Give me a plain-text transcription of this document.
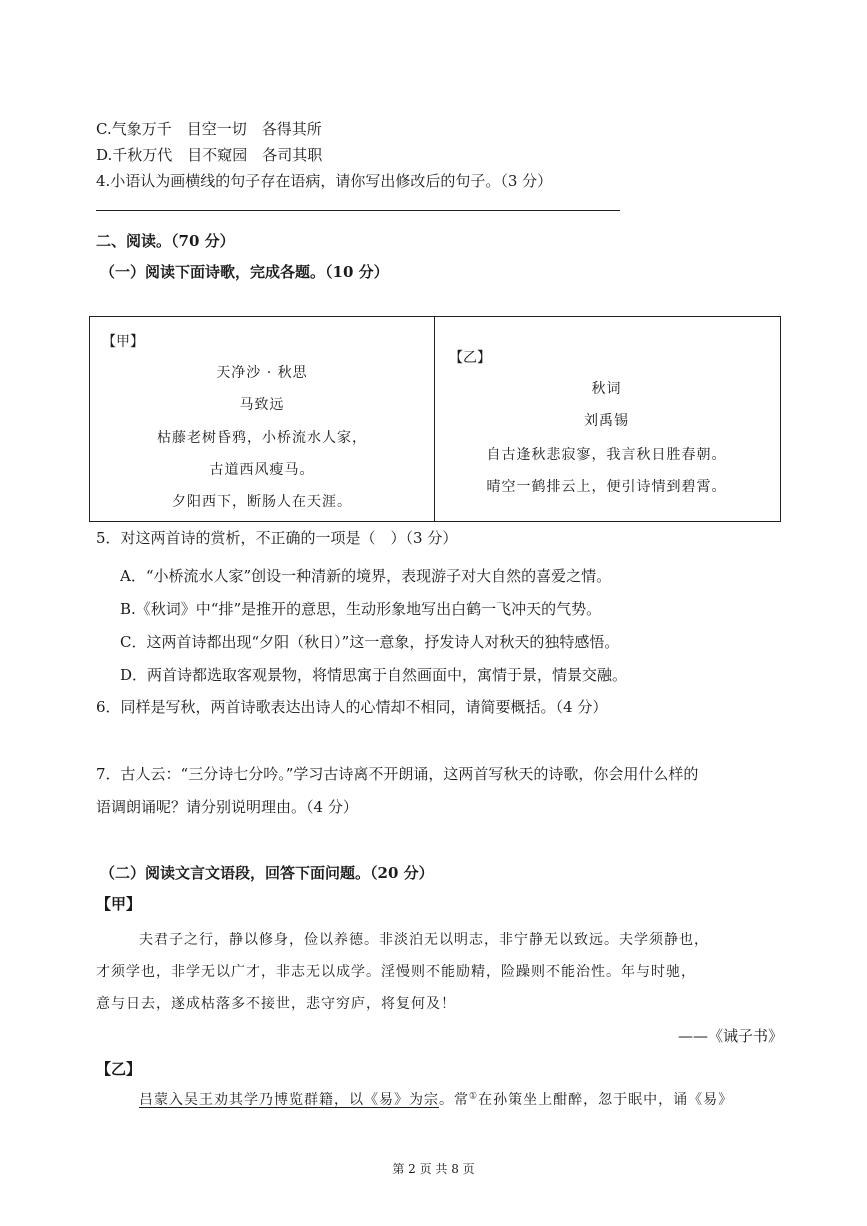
C.气象万千　目空一切　各得其所
D.千秋万代　目不窥园　各司其职
4.小语认为画横线的句子存在语病，请你写出修改后的句子。（3 分）
二、阅读。（70 分）
（一）阅读下面诗歌，完成各题。（10 分）
【甲】
天净沙 · 秋思
马致远
枯藤老树昏鸦，小桥流水人家，
古道西风瘦马。
夕阳西下，断肠人在天涯。
【乙】
秋词
刘禹锡
自古逢秋悲寂寥，我言秋日胜春朝。
晴空一鹤排云上，便引诗情到碧霄。
5．对这两首诗的赏析，不正确的一项是（　）（3 分）
A．“小桥流水人家”创设一种清新的境界，表现游子对大自然的喜爱之情。
B.《秋词》中“排”是推开的意思，生动形象地写出白鹤一飞冲天的气势。
C．这两首诗都出现“夕阳（秋日）”这一意象，抒发诗人对秋天的独特感悟。
D．两首诗都选取客观景物，将情思寓于自然画面中，寓情于景，情景交融。
6．同样是写秋，两首诗歌表达出诗人的心情却不相同，请简要概括。（4 分）
7．古人云：“三分诗七分吟。”学习古诗离不开朗诵，这两首写秋天的诗歌，你会用什么样的
语调朗诵呢？请分别说明理由。（4 分）
（二）阅读文言文语段，回答下面问题。（20 分）
【甲】
夫君子之行，静以修身，俭以养德。非淡泊无以明志，非宁静无以致远。夫学须静也，
才须学也，非学无以广才，非志无以成学。淫慢则不能励精，险躁则不能治性。年与时驰，
意与日去，遂成枯落多不接世，悲守穷庐，将复何及！
——《诫子书》
【乙】
吕蒙入吴王劝其学乃博览群籍，以《易》为宗。常①在孙策坐上酣醉，忽于眠中，诵《易》
第 2 页 共 8 页
